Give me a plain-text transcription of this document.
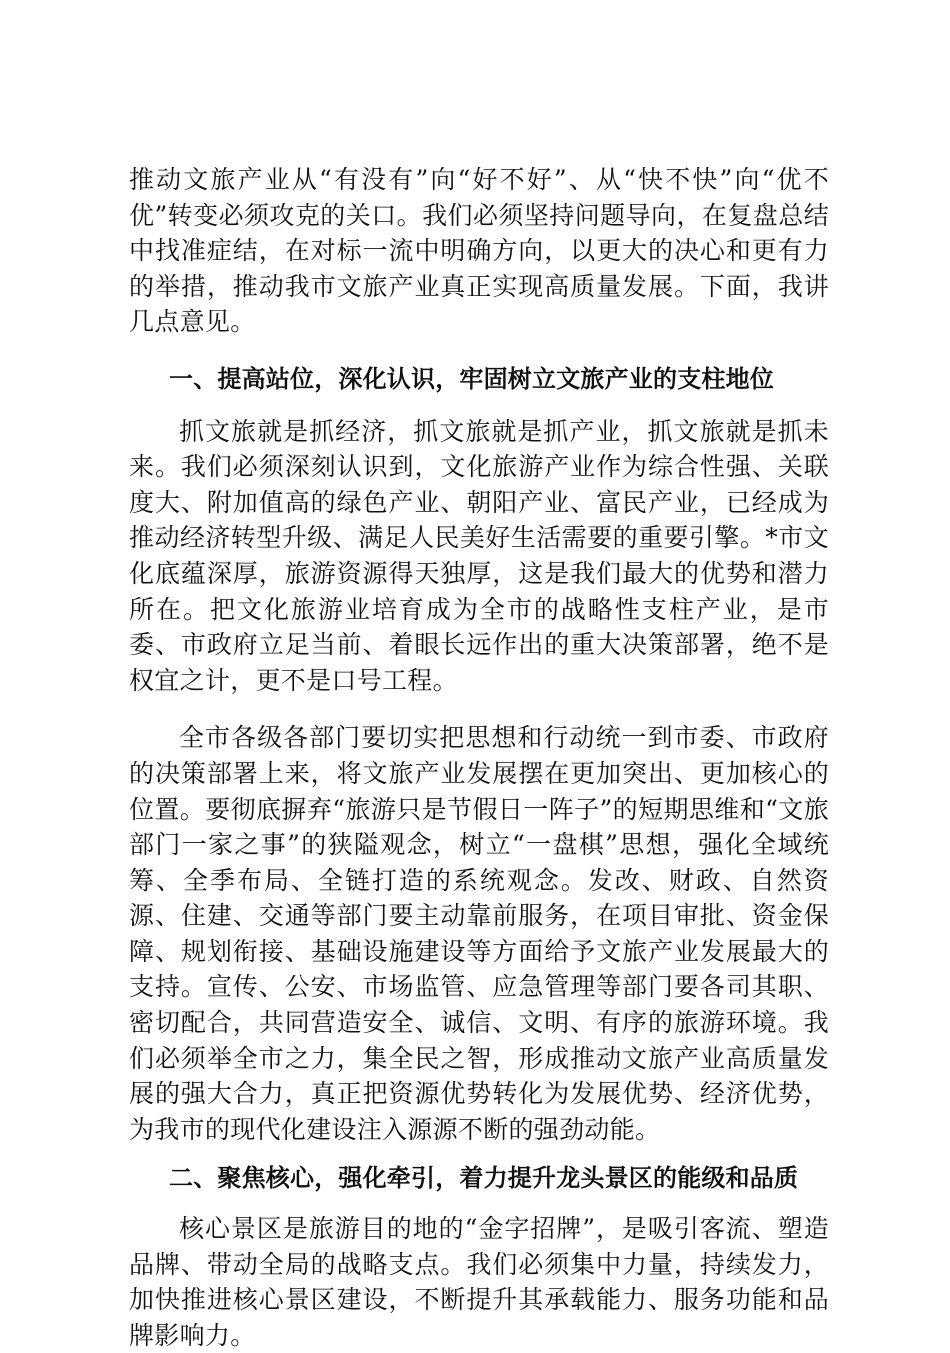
推动文旅产业从“有没有”向“好不好”、从“快不快”向“优不优”转变必须攻克的关口。我们必须坚持问题导向，在复盘总结中找准症结，在对标一流中明确方向，以更大的决心和更有力的举措，推动我市文旅产业真正实现高质量发展。下面，我讲几点意见。

一、提高站位，深化认识，牢固树立文旅产业的支柱地位

抓文旅就是抓经济，抓文旅就是抓产业，抓文旅就是抓未来。我们必须深刻认识到，文化旅游产业作为综合性强、关联度大、附加值高的绿色产业、朝阳产业、富民产业，已经成为推动经济转型升级、满足人民美好生活需要的重要引擎。*市文化底蕴深厚，旅游资源得天独厚，这是我们最大的优势和潜力所在。把文化旅游业培育成为全市的战略性支柱产业，是市委、市政府立足当前、着眼长远作出的重大决策部署，绝不是权宜之计，更不是口号工程。

全市各级各部门要切实把思想和行动统一到市委、市政府的决策部署上来，将文旅产业发展摆在更加突出、更加核心的位置。要彻底摒弃“旅游只是节假日一阵子”的短期思维和“文旅部门一家之事”的狭隘观念，树立“一盘棋”思想，强化全域统筹、全季布局、全链打造的系统观念。发改、财政、自然资源、住建、交通等部门要主动靠前服务，在项目审批、资金保障、规划衔接、基础设施建设等方面给予文旅产业发展最大的支持。宣传、公安、市场监管、应急管理等部门要各司其职、密切配合，共同营造安全、诚信、文明、有序的旅游环境。我们必须举全市之力，集全民之智，形成推动文旅产业高质量发展的强大合力，真正把资源优势转化为发展优势、经济优势，为我市的现代化建设注入源源不断的强劲动能。

二、聚焦核心，强化牵引，着力提升龙头景区的能级和品质

核心景区是旅游目的地的“金字招牌”，是吸引客流、塑造品牌、带动全局的战略支点。我们必须集中力量，持续发力，加快推进核心景区建设，不断提升其承载能力、服务功能和品牌影响力。
